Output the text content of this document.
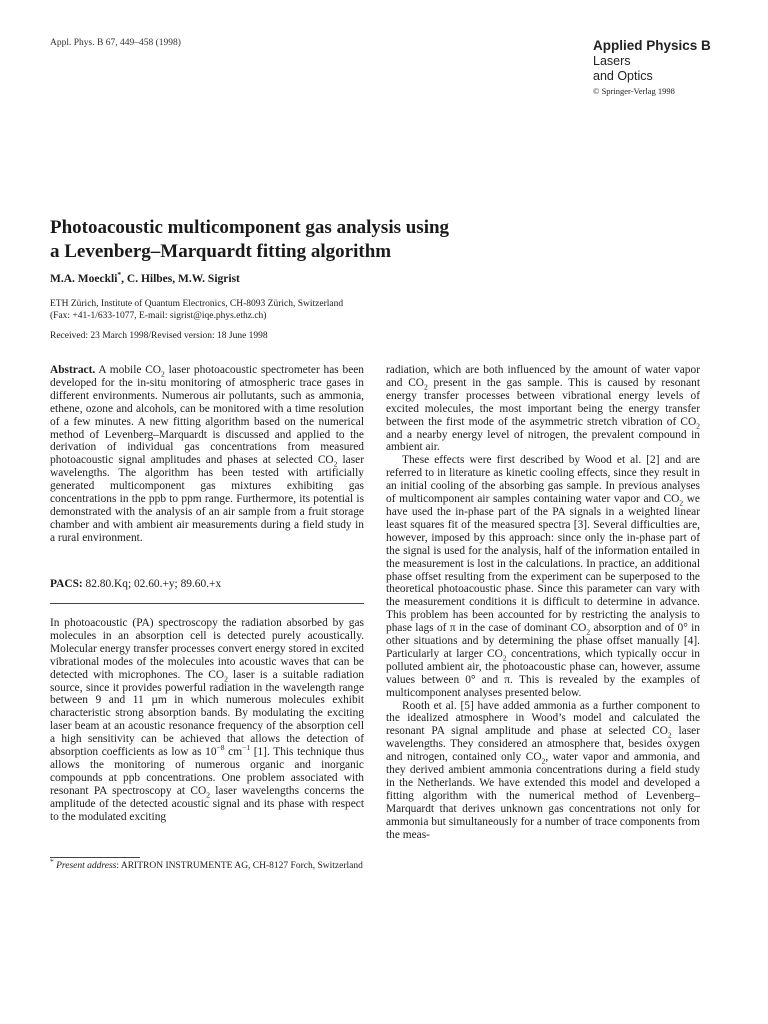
Appl. Phys. B 67, 449–458 (1998)	Applied Physics B
Lasers
and Optics
© Springer-Verlag 1998
Photoacoustic multicomponent gas analysis using
a Levenberg–Marquardt fitting algorithm
M.A. Moeckli*, C. Hilbes, M.W. Sigrist
ETH Zürich, Institute of Quantum Electronics, CH-8093 Zürich, Switzerland
(Fax: +41-1/633-1077, E-mail: sigrist@iqe.phys.ethz.ch)
Received: 23 March 1998/Revised version: 18 June 1998

Abstract. A mobile $CO_2$ laser photoacoustic spectrometer has been developed for the in-situ monitoring of atmospheric trace gases in different environments. Numerous air pollutants, such as ammonia, ethene, ozone and alcohols, can be monitored with a time resolution of a few minutes. A new fitting algorithm based on the numerical method of Levenberg–Marquardt is discussed and applied to the derivation of individual gas concentrations from measured photoacoustic signal amplitudes and phases at selected $CO_2$ laser wavelengths. The algorithm has been tested with artificially generated multicomponent gas mixtures exhibiting gas concentrations in the ppb to ppm range. Furthermore, its potential is demonstrated with the analysis of an air sample from a fruit storage chamber and with ambient air measurements during a field study in a rural environment.

PACS: 82.80.Kq; 02.60.+y; 89.60.+x

In photoacoustic (PA) spectroscopy the radiation absorbed by gas molecules in an absorption cell is detected purely acoustically. Molecular energy transfer processes convert energy stored in excited vibrational modes of the molecules into acoustic waves that can be detected with microphones. The $CO_2$ laser is a suitable radiation source, since it provides powerful radiation in the wavelength range between 9 and 11 µm in which numerous molecules exhibit characteristic strong absorption bands. By modulating the exciting laser beam at an acoustic resonance frequency of the absorption cell a high sensitivity can be achieved that allows the detection of absorption coefficients as low as $10^{-8}$ $cm^{-1}$ [1]. This technique thus allows the monitoring of numerous organic and inorganic compounds at ppb concentrations. One problem associated with resonant PA spectroscopy at $CO_2$ laser wavelengths concerns the amplitude of the detected acoustic signal and its phase with respect to the modulated exciting

* Present address: ARITRON INSTRUMENTE AG, CH-8127 Forch, Switzerland

radiation, which are both influenced by the amount of water vapor and $CO_2$ present in the gas sample. This is caused by resonant energy transfer processes between vibrational energy levels of excited molecules, the most important being the energy transfer between the first mode of the asymmetric stretch vibration of $CO_2$ and a nearby energy level of nitrogen, the prevalent compound in ambient air.

These effects were first described by Wood et al. [2] and are referred to in literature as kinetic cooling effects, since they result in an initial cooling of the absorbing gas sample. In previous analyses of multicomponent air samples containing water vapor and $CO_2$ we have used the in-phase part of the PA signals in a weighted linear least squares fit of the measured spectra [3]. Several difficulties are, however, imposed by this approach: since only the in-phase part of the signal is used for the analysis, half of the information entailed in the measurement is lost in the calculations. In practice, an additional phase offset resulting from the experiment can be superposed to the theoretical photoacoustic phase. Since this parameter can vary with the measurement conditions it is difficult to determine in advance. This problem has been accounted for by restricting the analysis to phase lags of π in the case of dominant $CO_2$ absorption and of 0° in other situations and by determining the phase offset manually [4]. Particularly at larger $CO_2$ concentrations, which typically occur in polluted ambient air, the photoacoustic phase can, however, assume values between 0° and π. This is revealed by the examples of multicomponent analyses presented below.

Rooth et al. [5] have added ammonia as a further component to the idealized atmosphere in Wood’s model and calculated the resonant PA signal amplitude and phase at selected $CO_2$ laser wavelengths. They considered an atmosphere that, besides oxygen and nitrogen, contained only $CO_2$, water vapor and ammonia, and they derived ambient ammonia concentrations during a field study in the Netherlands. We have extended this model and developed a fitting algorithm with the numerical method of Levenberg–Marquardt that derives unknown gas concentrations not only for ammonia but simultaneously for a number of trace components from the meas-
